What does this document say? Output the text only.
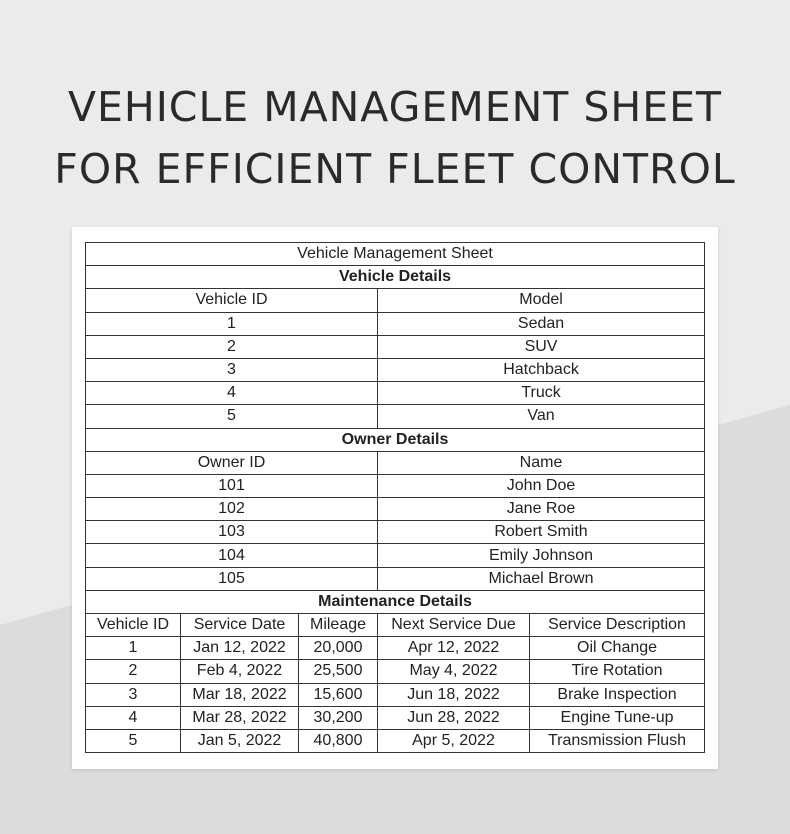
VEHICLE MANAGEMENT SHEET
FOR EFFICIENT FLEET CONTROL
Vehicle Management Sheet				
Vehicle Details				
Vehicle ID			Model	
1			Sedan	
2			SUV	
3			Hatchback	
4			Truck	
5			Van	
Owner Details				
Owner ID			Name	
101			John Doe	
102			Jane Roe	
103			Robert Smith	
104			Emily Johnson	
105			Michael Brown	
Maintenance Details				
Vehicle ID	Service Date	Mileage	Next Service Due	Service Description
1	Jan 12, 2022	20,000	Apr 12, 2022	Oil Change
2	Feb 4, 2022	25,500	May 4, 2022	Tire Rotation
3	Mar 18, 2022	15,600	Jun 18, 2022	Brake Inspection
4	Mar 28, 2022	30,200	Jun 28, 2022	Engine Tune-up
5	Jan 5, 2022	40,800	Apr 5, 2022	Transmission Flush
